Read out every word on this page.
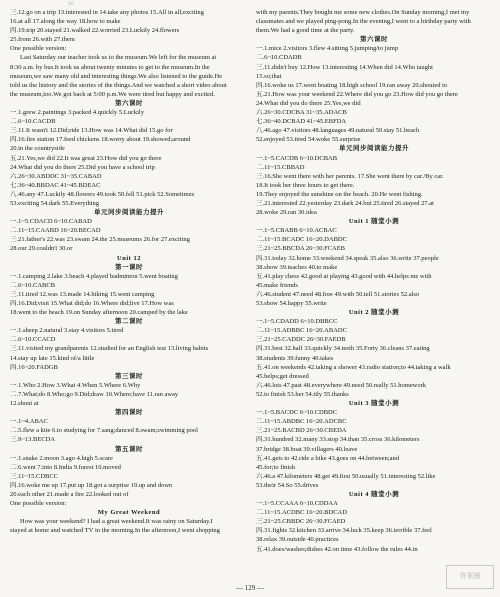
\\/.
三.12.go on a trip 13.interested in 14.take any photos 15.All in all;exciting
16.at all 17.along the way 18.how to make
四.19.trip 20.stayed 21.walked 22.worried 23.Luckily 24.flowers
25.from 26.with 27.them
One possible version:
Last Saturday our teacher took us to the museum.We left for the museum at
8:30 a.m. by bus.It took us about twenty minutes to get to the museum.In the
museum,we saw many old and interesting things.We also listened to the guide.He
told us the history and the stories of the things.And we watched a short video about
the museum,too.We got back at 5:00 p.m.We were tired but happy and excited.
第六课时
一.1.grew 2.paintings 3.packed 4.quickly 5.Luckily
二.6~10.CACDB
三.11.It wasn't 12.Did;ride 13.How was 14.What did 15.go for
四.16.fire station 17.feed chickens 18.worry about 19.showed;around
20.in the countryside
五.21.Yes,we did 22.It was great 23.How did you go there
24.What did you do there 25.Did you have a school trip
六.26~30.ABDDC 31~35.CABAD
七.36~40.BBDAC 41~45.BDEAC
八.46.any 47.Luckily 48.flowers 49.took 50.fell 51.pick 52.Sometimes
53.exciting 54.dark 55.Everything
单元同步阅读能力提升
一.1~5.CDACD 6~10.CABAD
二.11~15.CAABD 16~20.BECAD
三.21.father's 22.was 23.swam 24.the 25.museums 26.for 27.exciting
28.our 29.couldn't 30.or
Unit 12
第一课时
一.1.camping 2.lake 3.beach 4.played badminton 5.went boating
二.6~10.CABCB
三.11.tired 12.was 13.made 14.hiking 15.went camping
四.16.Did;visit 15.What did;do 16.Where did;live 17.How was
18.went to the beach 19.on Sunday afternoon 20.camped by the lake
第二课时
一.1.sheep 2.natural 3.stay 4.visitors 5.tired
二.6~10.CCACD
三.11.visited my grandparents 12.studied for an English test 13.living habits
14.stay up late 15.kind of/a little
四.16~20.FADGB
第三课时
一.1.Who 2.How 3.What 4.When 5.Where 6.Why
二.7.What;do 8.Who;go 9.Did;draw 10.Where;have 11.ran away
12.shout at
第四课时
一.1~4.ABAC
二.5.flew a kite 6.to studying for 7.sang;danced 8.swam;swimming pool
三.9~13.BECDA
第五课时
一.1.snake 2.moon 3.ago 4.high 5.scare
二.6.went 7.into 8.India 9.forest 10.moved
三.11~15.CDBCC
四.16.woke me up 17.put up 18.got a surprise 19.up and down
20.each other 21.made a fire 22.looked out of
One possible version:
My Great Weekend
How was your weekend? I had a great weekend.It was rainy on Saturday.I
stayed at home and watched TV in the morning.In the afternoon,I went shopping
with my parents.They bought me some new clothes.On Sunday morning,I met my
classmates and we played ping-pong.In the evening,I went to a birthday party with
them.We had a good time at the party.
第六课时
一.1.mice 2.visitors 3.flew 4.sitting 5.jumping/to jump
二.6~10.CDADB
三.11.didn't buy 12.How 13.interesting 14.When did 14.Who taught
15.so;that
四.16.woke us 17.went boating 18.high school 19.ran away 20.shouted to
五.21.How was your weekend 22.Where did you go 23.How did you go there
24.What did you do there 25.Yes,we did
六.26~30.CDCBA 31~35.ADACB
七.36~40.DCBAD 41~45.EBFDA
八.46.ago 47.visitors 48.languages 49.natural 50.stay 51.beach
52.enjoyed 53.tired 54.woke 55.surprise
单元同步阅读能力提升
一.1~5.CACDB 6~10.DCBAB
二.11~15.CBBAD
三.16.She went there with her parents. 17.She went there by car./By car.
18.It took her three hours to get there.
19.They enjoyed the sunshine on the beach. 20.He went fishing.
三.21.interested 22.yesterday 23.dark 24.but 25.tired 26.stayed 27.at
28.woke 29.ran 30.idea
Unit 1 随堂小测
一.1~5.CBABB 6~10.ACBAC
二.11~15.BCADC 16~20.DABDC
三.21~25.BBCDA 26~30.FCAEB
四.31.today 32.home 33.weekend 34.speak 35.also 36.write 37.people
38.show 39.teaches 40.to make
五.41.play chess 42.good at playing 43.good with 44.helps me with
45.make friends
六.46.student 47.need 48.free 49.with 50.tell 51.stories 52.also
53.show 54.happy 55.write
Unit 2 随堂小测
一.1~5.CDADD 6~10.DBBCC
二.11~15.ADBBC 16~20.ABADC
三.21~25.CADDC 26~30.FAEDB
四.31.best 32.half 33.quickly 34.teeth 35.Forty 36.cleans 37.eating
38.students 39.funny 40.takes
五.41.on weekends 42.taking a shower 43.radio station;to 44.taking a walk
45.helps;get dressed
六.46.lots 47.past 48.everywhere 49.need 50.really 51.homework
52.to finish 53.her 54.tily 55.thanks
Unit 3 随堂小测
一.1~5.BACDC 6~10.CDBDC
二.11~15.ABDBC 16~20.ADCBC
三.21~25.BACBD 26~30.CBEDA
四.31.hundred 32.many 33.stop 34.than 35.cross 36.kilometers
37.bridge 38.boat 39.villagers 40.leave
五.41.gets to 42.ride a bike 43.goes on 44.between;and
45.for;to finish
六.46.a 47.kilometers 48.get 49.first 50.usually 51.interesting 52.like
53.their 54.So 55.drives
Unit 4 随堂小测
一.1~5.CCAAA 6~10.CDDAA
二.11~15.ACDBC 16~20.BDCAD
三.21~25.CBBDC 26~30.FCAED
四.31.fights 32.kitchen 33.arrive 34.luck 35.keep 36.terrible 37.feel
38.relax 39.outside 40.practices
五.41.does/washes;dishes 42.on time 43.follow the rules 44.in
— 129 —
答案圈
